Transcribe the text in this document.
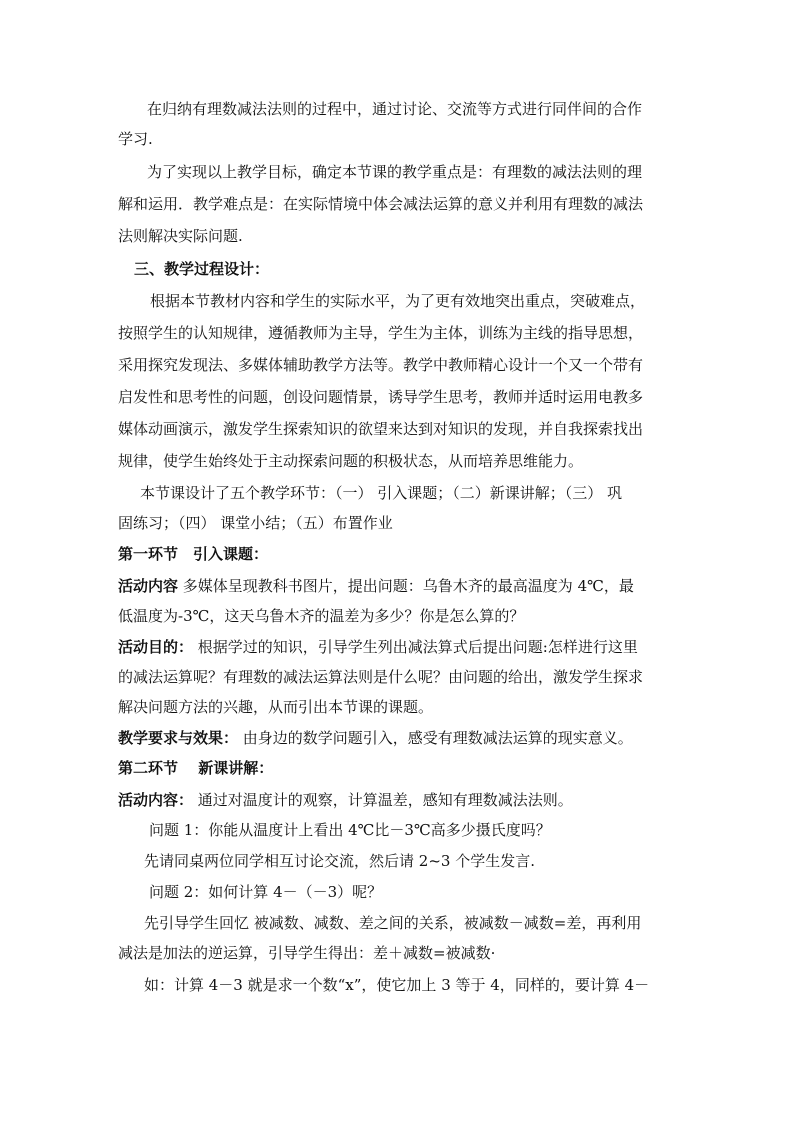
在归纳有理数减法法则的过程中，通过讨论、交流等方式进行同伴间的合作
学习.
为了实现以上教学目标，确定本节课的教学重点是：有理数的减法法则的理
解和运用．教学难点是：在实际情境中体会减法运算的意义并利用有理数的减法
法则解决实际问题.
三、教学过程设计：
根据本节教材内容和学生的实际水平，为了更有效地突出重点，突破难点，
按照学生的认知规律，遵循教师为主导，学生为主体，训练为主线的指导思想，
采用探究发现法、多媒体辅助教学方法等。教学中教师精心设计一个又一个带有
启发性和思考性的问题，创设问题情景，诱导学生思考，教师并适时运用电教多
媒体动画演示，激发学生探索知识的欲望来达到对知识的发现，并自我探索找出
规律，使学生始终处于主动探索问题的积极状态，从而培养思维能力。
本节课设计了五个教学环节：（一） 引入课题；（二）新课讲解；（三） 巩
固练习；（四） 课堂小结；（五）布置作业
第一环节　引入课题：
活动内容 多媒体呈现教科书图片，提出问题：乌鲁木齐的最高温度为 4℃，最
低温度为-3℃，这天乌鲁木齐的温差为多少？你是怎么算的？
活动目的： 根据学过的知识，引导学生列出减法算式后提出问题:怎样进行这里
的减法运算呢？有理数的减法运算法则是什么呢？由问题的给出，激发学生探求
解决问题方法的兴趣，从而引出本节课的课题。
教学要求与效果： 由身边的数学问题引入，感受有理数减法运算的现实意义。
第二环节　 新课讲解：
活动内容： 通过对温度计的观察，计算温差，感知有理数减法法则。
问题 1：你能从温度计上看出 4℃比－3℃高多少摄氏度吗？
先请同桌两位同学相互讨论交流，然后请 2~3 个学生发言.
问题 2：如何计算 4－（－3）呢？
先引导学生回忆 被减数、减数、差之间的关系，被减数－减数=差，再利用
减法是加法的逆运算，引导学生得出：差＋减数=被减数·
如：计算 4－3 就是求一个数“x”，使它加上 3 等于 4，同样的，要计算 4－
